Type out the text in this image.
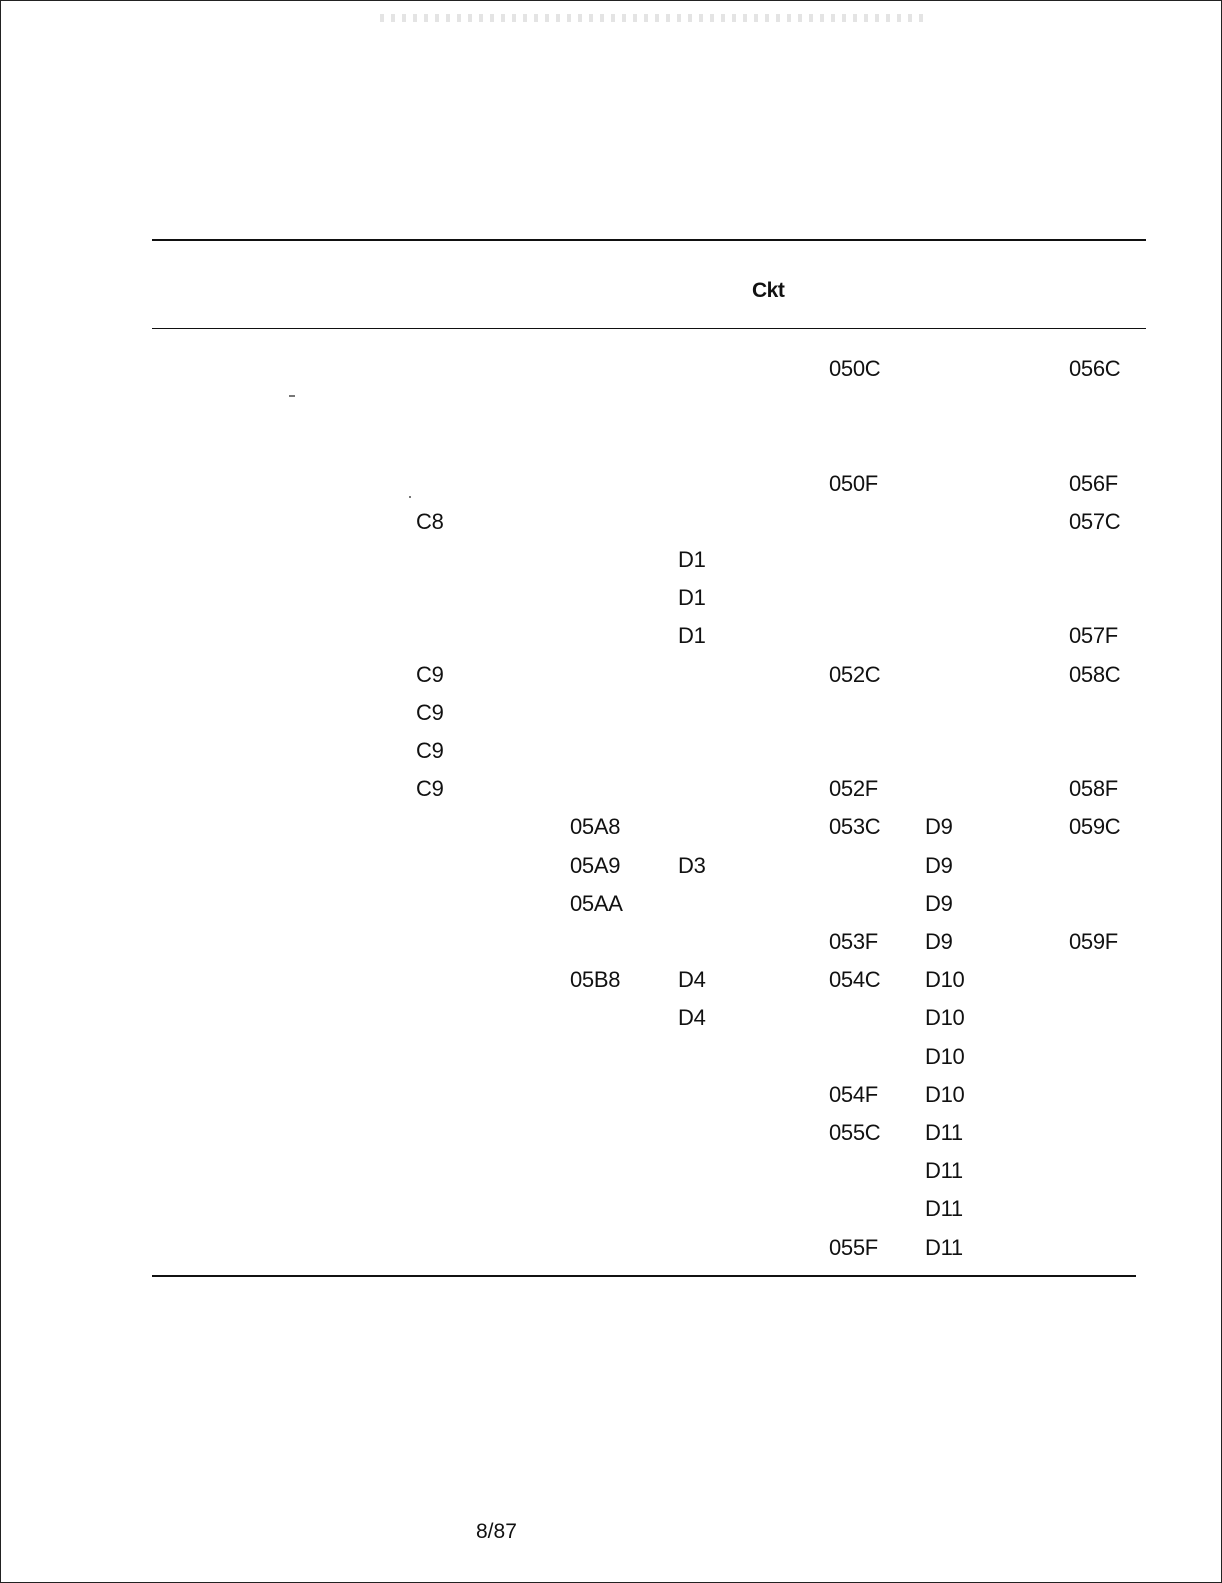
Ckt
C8
C9
C9
C9
C9
05A8
05A9
05AA
05B8
D1
D1
D1
D3
D4
D4
050C
050F
052C
052F
053C
053F
054C
054F
055C
055F
D9
D9
D9
D9
D10
D10
D10
D10
D11
D11
D11
D11
056C
056F
057C
057F
058C
058F
059C
059F
8/87
